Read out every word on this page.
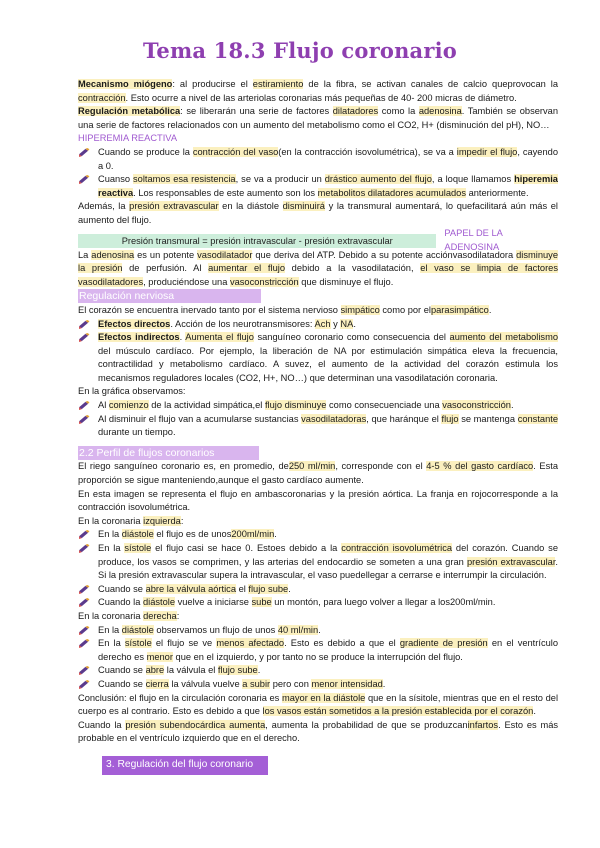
Tema 18.3 Flujo coronario

Mecanismo miógeno: al producirse el estiramiento de la fibra, se activan canales de calcio queprovocan la contracción. Esto ocurre a nivel de las arteriolas coronarias más pequeñas de 40- 200 micras de diámetro.

Regulación metabólica: se liberarán una serie de factores dilatadores como la adenosina. También se observan una serie de factores relacionados con un aumento del metabolismo como el CO2, H+ (disminución del pH), NO…

HIPEREMIA REACTIVA

Cuando se produce la contracción del vaso(en la contracción isovolumétrica), se va a impedir el flujo, cayendo a 0.

Cuanso soltamos esa resistencia, se va a producir un drástico aumento del flujo, a loque llamamos hiperemia reactiva. Los responsables de este aumento son los metabolitos dilatadores acumulados anteriormente.

Además, la presión extravascular en la diástole disminuirá y la transmural aumentará, lo quefacilitará aún más el aumento del flujo.

Presión transmural = presión intravascular - presión extravascular
PAPEL DE LA ADENOSINA

La adenosina es un potente vasodilatador que deriva del ATP. Debido a su potente acciónvasodilatadora disminuye la presión de perfusión. Al aumentar el flujo debido a la vasodilatación, el vaso se limpia de factores vasodilatadores, produciéndose una vasoconstricción que disminuye el flujo.

Regulación nerviosa

El corazón se encuentra inervado tanto por el sistema nervioso simpático como por elparasimpático.

Efectos directos. Acción de los neurotransmisores: Ach y NA.

Efectos indirectos. Aumenta el flujo sanguíneo coronario como consecuencia del aumento del metabolismo del músculo cardíaco. Por ejemplo, la liberación de NA por estimulación simpática eleva la frecuencia, contractilidad y metabolismo cardíaco. A suvez, el aumento de la actividad del corazón estimula los mecanismos reguladores locales (CO2, H+, NO…) que determinan una vasodilatación coronaria.

En la gráfica observamos:

Al comienzo de la actividad simpática,el flujo disminuye como consecuenciade una vasoconstricción.

Al disminuir el flujo van a acumularse sustancias vasodilatadoras, que haránque el flujo se mantenga constante durante un tiempo.

2.2 Perfil de flujos coronarios

El riego sanguíneo coronario es, en promedio, de250 ml/min, corresponde con el 4-5 % del gasto cardíaco. Esta proporción se sigue manteniendo,aunque el gasto cardíaco aumente.

En esta imagen se representa el flujo en ambascoronarias y la presión aórtica. La franja en rojocorresponde a la contracción isovolumétrica.

En la coronaria izquierda:

En la diástole el flujo es de unos200ml/min.

En la sístole el flujo casi se hace 0. Estoes debido a la contracción isovolumétrica del corazón. Cuando se produce, los vasos se comprimen, y las arterias del endocardio se someten a una gran presión extravascular. Si la presión extravascular supera la intravascular, el vaso puedellegar a cerrarse e interrumpir la circulación.

Cuando se abre la válvula aórtica el flujo sube.

Cuando la diástole vuelve a iniciarse sube un montón, para luego volver a llegar a los200ml/min.

En la coronaria derecha:

En la diástole observamos un flujo de unos 40 ml/min.

En la sístole el flujo se ve menos afectado. Esto es debido a que el gradiente de presión en el ventrículo derecho es menor que en el izquierdo, y por tanto no se produce la interrupción del flujo.

Cuando se abre la válvula el flujo sube.

Cuando se cierra la válvula vuelve a subir pero con menor intensidad.

Conclusión: el flujo en la circulación coronaria es mayor en la diástole que en la sísitole, mientras que en el resto del cuerpo es al contrario. Esto es debido a que los vasos están sometidos a la presión establecida por el corazón.

Cuando la presión subendocárdica aumenta, aumenta la probabilidad de que se produzcaninfartos. Esto es más probable en el ventrículo izquierdo que en el derecho.

3. Regulación del flujo coronario
